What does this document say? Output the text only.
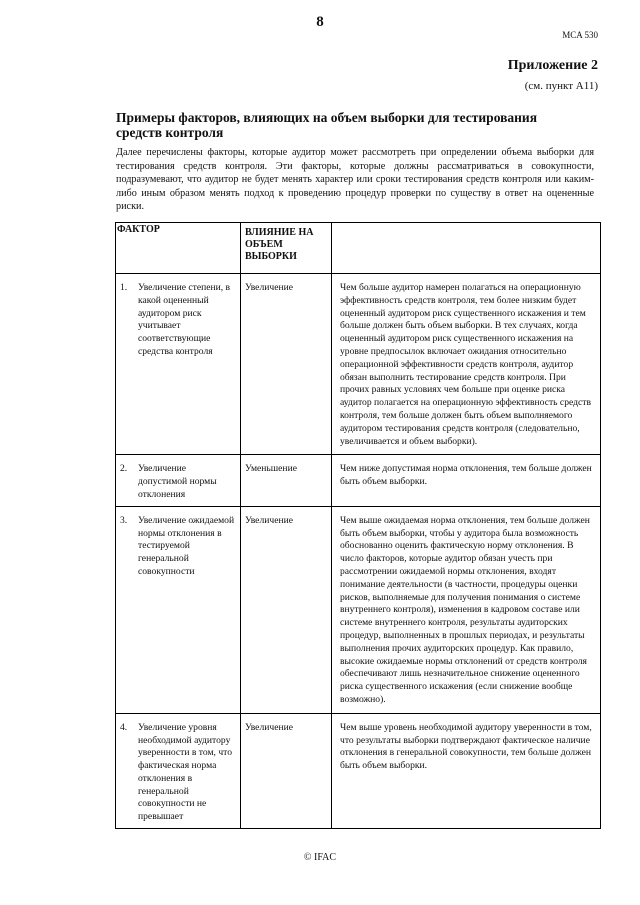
8
MCA 530
Приложение 2
(см. пункт А11)
Примеры факторов, влияющих на объем выборки для тестирования средств контроля
Далее перечислены факторы, которые аудитор может рассмотреть при определении объема выборки для тестирования средств контроля. Эти факторы, которые должны рассматриваться в совокупности, подразумевают, что аудитор не будет менять характер или сроки тестирования средств контроля или каким-либо иным образом менять подход к проведению процедур проверки по существу в ответ на оцененные риски.
ФАКТОР	ВЛИЯНИЕ НА ОБЪЕМ ВЫБОРКИ	

1. Увеличение степени, в какой оцененный аудитором риск учитывает соответствующие средства контроля	Увеличение	Чем больше аудитор намерен полагаться на операционную эффективность средств контроля, тем более низким будет оцененный аудитором риск существенного искажения и тем больше должен быть объем выборки. В тех случаях, когда оцененный аудитором риск существенного искажения на уровне предпосылок включает ожидания относительно операционной эффективности средств контроля, аудитор обязан выполнить тестирование средств контроля. При прочих равных условиях чем больше при оценке риска аудитор полагается на операционную эффективность средств контроля, тем больше должен быть объем выполняемого аудитором тестирования средств контроля (следовательно, увеличивается и объем выборки).

2. Увеличение допустимой нормы отклонения	Уменьшение	Чем ниже допустимая норма отклонения, тем больше должен быть объем выборки.

3. Увеличение ожидаемой нормы отклонения в тестируемой генеральной совокупности	Увеличение	Чем выше ожидаемая норма отклонения, тем больше должен быть объем выборки, чтобы у аудитора была возможность обоснованно оценить фактическую норму отклонения. В число факторов, которые аудитор обязан учесть при рассмотрении ожидаемой нормы отклонения, входят понимание деятельности (в частности, процедуры оценки рисков, выполняемые для получения понимания о системе внутреннего контроля), изменения в кадровом составе или системе внутреннего контроля, результаты аудиторских процедур, выполненных в прошлых периодах, и результаты выполнения прочих аудиторских процедур. Как правило, высокие ожидаемые нормы отклонений от средств контроля обеспечивают лишь незначительное снижение оцененного риска существенного искажения (если снижение вообще возможно).

4. Увеличение уровня необходимой аудитору уверенности в том, что фактическая норма отклонения в генеральной совокупности не превышает	Увеличение	Чем выше уровень необходимой аудитору уверенности в том, что результаты выборки подтверждают фактическое наличие отклонения в генеральной совокупности, тем больше должен быть объем выборки.
© IFAC
